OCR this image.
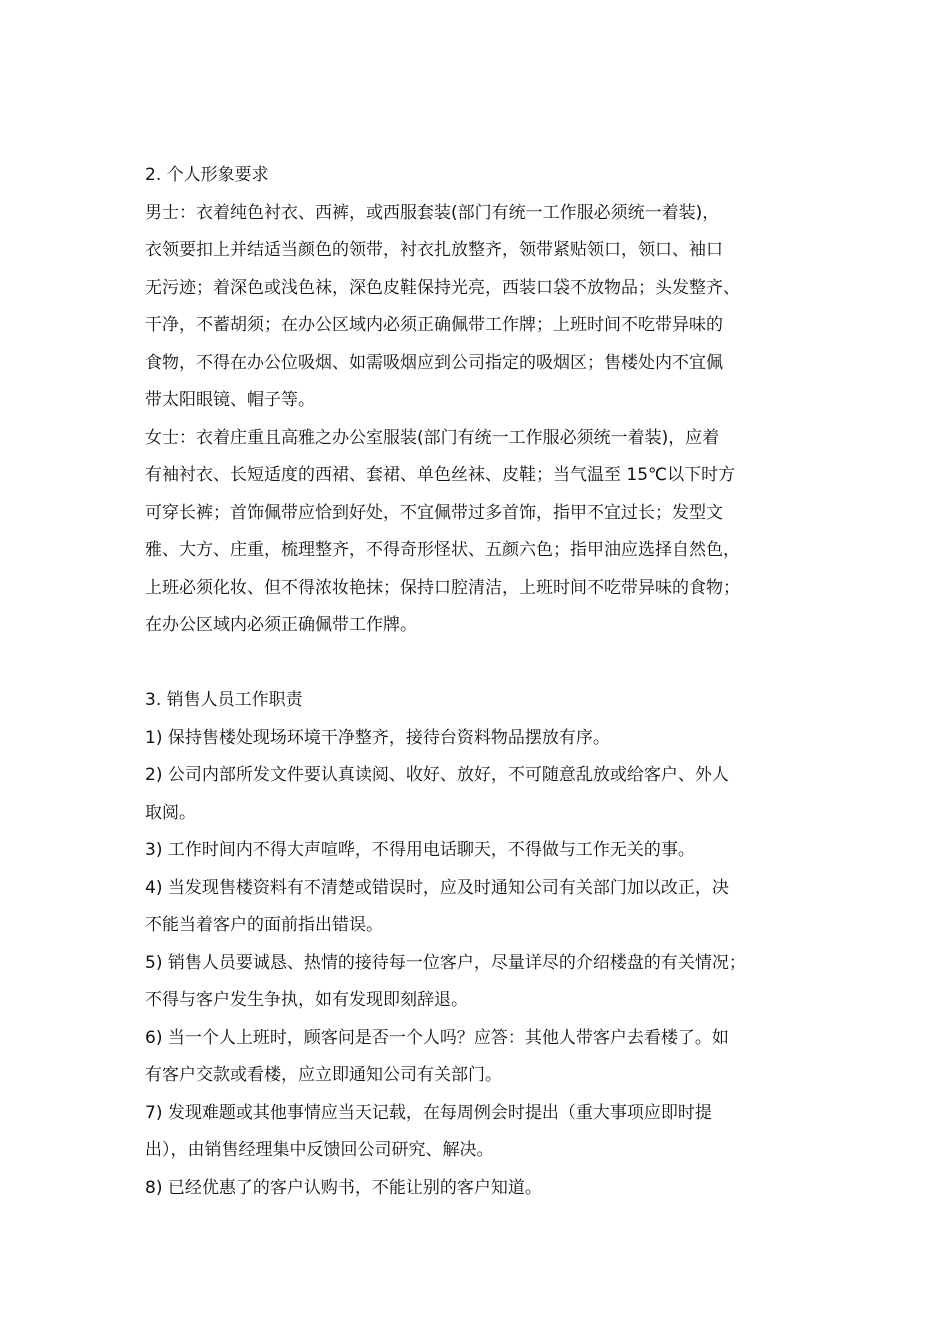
2. 个人形象要求
男士：衣着纯色衬衣、西裤，或西服套装(部门有统一工作服必须统一着装)，
衣领要扣上并结适当颜色的领带，衬衣扎放整齐，领带紧贴领口，领口、袖口
无污迹；着深色或浅色袜，深色皮鞋保持光亮，西装口袋不放物品；头发整齐、
干净，不蓄胡须；在办公区域内必须正确佩带工作牌；上班时间不吃带异味的
食物，不得在办公位吸烟、如需吸烟应到公司指定的吸烟区；售楼处内不宜佩
带太阳眼镜、帽子等。
女士：衣着庄重且高雅之办公室服装(部门有统一工作服必须统一着装)，应着
有袖衬衣、长短适度的西裙、套裙、单色丝袜、皮鞋；当气温至 15℃以下时方
可穿长裤；首饰佩带应恰到好处，不宜佩带过多首饰，指甲不宜过长；发型文
雅、大方、庄重，梳理整齐，不得奇形怪状、五颜六色；指甲油应选择自然色，
上班必须化妆、但不得浓妆艳抹；保持口腔清洁，上班时间不吃带异味的食物；
在办公区域内必须正确佩带工作牌。
3. 销售人员工作职责
1) 保持售楼处现场环境干净整齐，接待台资料物品摆放有序。
2) 公司内部所发文件要认真读阅、收好、放好，不可随意乱放或给客户、外人
取阅。
3) 工作时间内不得大声喧哗，不得用电话聊天，不得做与工作无关的事。
4) 当发现售楼资料有不清楚或错误时，应及时通知公司有关部门加以改正，决
不能当着客户的面前指出错误。
5) 销售人员要诚恳、热情的接待每一位客户，尽量详尽的介绍楼盘的有关情况；
不得与客户发生争执，如有发现即刻辞退。
6) 当一个人上班时，顾客问是否一个人吗？应答：其他人带客户去看楼了。如
有客户交款或看楼，应立即通知公司有关部门。
7) 发现难题或其他事情应当天记载，在每周例会时提出（重大事项应即时提
出），由销售经理集中反馈回公司研究、解决。
8) 已经优惠了的客户认购书，不能让别的客户知道。
